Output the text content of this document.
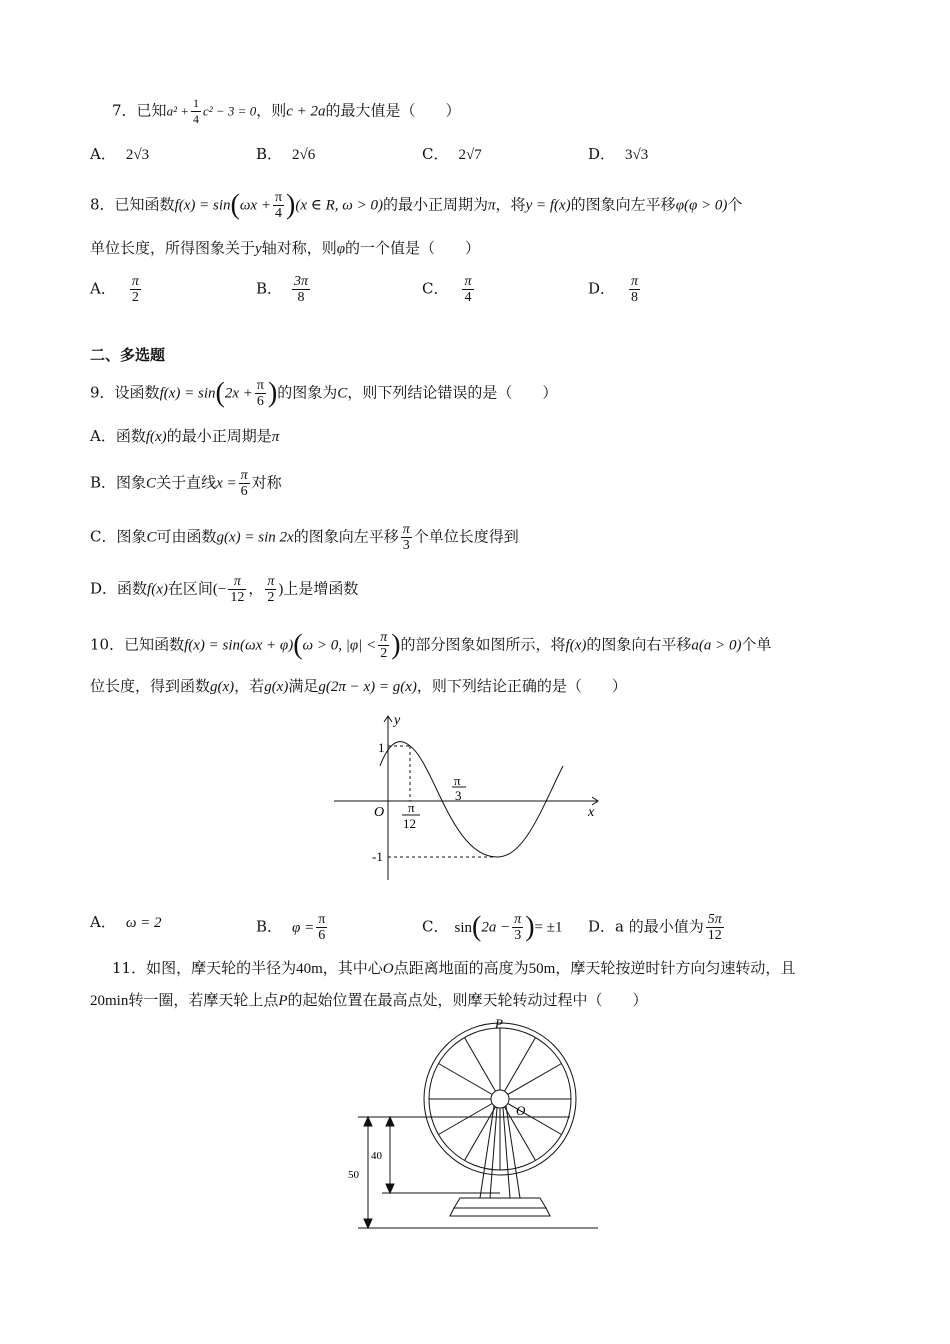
7．已知$a^2 + \frac{1}{4} c^2 - 3 = 0$，则c + 2a的最大值是（　　）
A． 2√3	B． 2√6	C． 2√7	D． 3√3
8．已知函数$f(x) = \sin(\omega x + \frac{\pi}{4} )(x$ ∈ R, ω > 0)的最小正周期为π，将y = f(x)的图象向左平移φ(φ > 0)个
单位长度，所得图象关于y轴对称，则φ的一个值是（　　）
A． $\frac{\pi}{2}$	B． $\frac{3\pi}{8}$	C． $\frac{\pi}{4}$	D． $\frac{\pi}{8}$
二、多选题
9．设函数$f(x) = \sin(2x + \frac{\pi}{6}$ )的图象为C，则下列结论错误的是（　　）
A．函数f(x)的最小正周期是π
B．图象C关于直线$x = \frac{\pi}{6}$ 对称
C．图象C可由函数g(x) = sin 2x的图象向左平移 $\frac{\pi}{3}$ 个单位长度得到
D．函数f(x)在区间(− $\frac{\pi}{12}$ ， $\frac{\pi}{2}$ )上是增函数
10．已知函数f(x) = sin(ωx + φ)(ω > 0, $|\varphi| < \frac{\pi}{2}$ )的部分图象如图所示，将f(x)的图象向右平移a(a > 0)个单
位长度，得到函数g(x)，若g(x)满足g(2π − x) = g(x)，则下列结论正确的是（　　）
y
x
O
1
-1
π
12
π
3
A． ω = 2	B． $\varphi = \frac{\pi}{6}$	C． $\sin(2a - \frac{\pi}{3}$ )= ±1 D．a 的最小值为 $\frac{5\pi}{12}$
11．如图，摩天轮的半径为40m，其中心O点距离地面的高度为50m，摩天轮按逆时针方向匀速转动，且
20min转一圈，若摩天轮上点P的起始位置在最高点处，则摩天轮转动过程中（　　）
P
O
50
40
